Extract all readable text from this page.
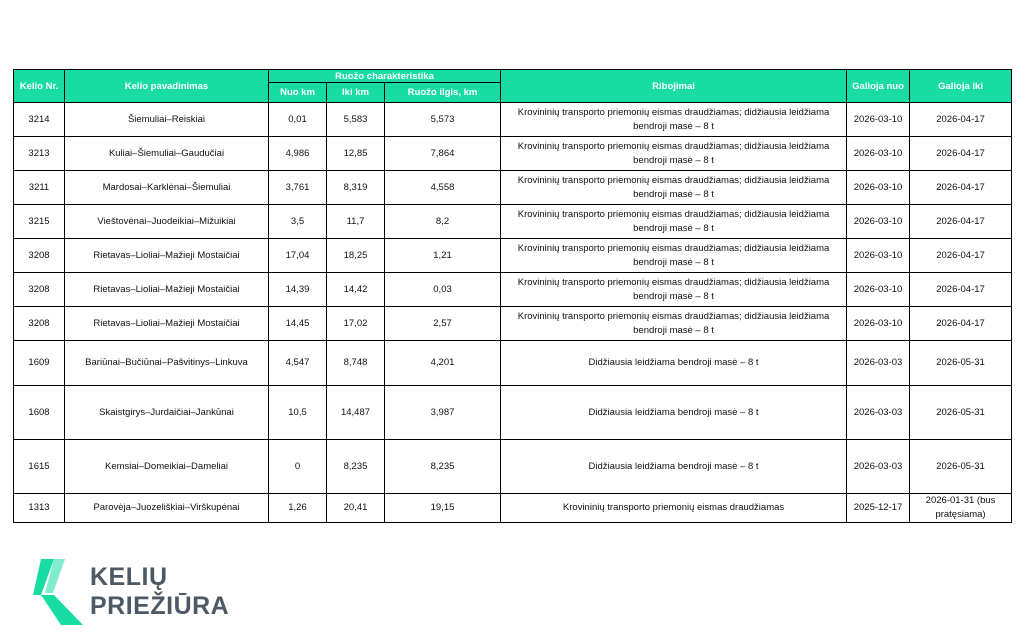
Kelio Nr.	Kelio pavadinimas	Ruožo charakteristika			Ribojimai	Galioja nuo	Galioja iki
		Nuo km	Iki km	Ruožo ilgis, km			
3214	Šiemuliai–Reiskiai	0,01	5,583	5,573	Krovininių transporto priemonių eismas draudžiamas; didžiausia leidžiama bendroji masė – 8 t	2026-03-10	2026-04-17
3213	Kuliai–Šiemuliai–Gaudučiai	4,986	12,85	7,864	Krovininių transporto priemonių eismas draudžiamas; didžiausia leidžiama bendroji masė – 8 t	2026-03-10	2026-04-17
3211	Mardosai–Karklėnai–Šiemuliai	3,761	8,319	4,558	Krovininių transporto priemonių eismas draudžiamas; didžiausia leidžiama bendroji masė – 8 t	2026-03-10	2026-04-17
3215	Vieštovėnai–Juodeikiai–Mižuikiai	3,5	11,7	8,2	Krovininių transporto priemonių eismas draudžiamas; didžiausia leidžiama bendroji masė – 8 t	2026-03-10	2026-04-17
3208	Rietavas–Lioliai–Mažieji Mostaičiai	17,04	18,25	1,21	Krovininių transporto priemonių eismas draudžiamas; didžiausia leidžiama bendroji masė – 8 t	2026-03-10	2026-04-17
3208	Rietavas–Lioliai–Mažieji Mostaičiai	14,39	14,42	0,03	Krovininių transporto priemonių eismas draudžiamas; didžiausia leidžiama bendroji masė – 8 t	2026-03-10	2026-04-17
3208	Rietavas–Lioliai–Mažieji Mostaičiai	14,45	17,02	2,57	Krovininių transporto priemonių eismas draudžiamas; didžiausia leidžiama bendroji masė – 8 t	2026-03-10	2026-04-17
1609	Bariūnai–Bučiūnai–Pašvitinys–Linkuva	4,547	8,748	4,201	Didžiausia leidžiama bendroji masė – 8 t	2026-03-03	2026-05-31
1608	Skaistgirys–Jurdaičiai–Jankūnai	10,5	14,487	3,987	Didžiausia leidžiama bendroji masė – 8 t	2026-03-03	2026-05-31
1615	Kemsiai–Domeikiai–Dameliai	0	8,235	8,235	Didžiausia leidžiama bendroji masė – 8 t	2026-03-03	2026-05-31
1313	Parovėja–Juozeliškiai–Virškupėnai	1,26	20,41	19,15	Krovininių transporto priemonių eismas draudžiamas	2025-12-17	2026-01-31 (bus pratęsiama)
KELIŲ
PRIEŽIŪRA
